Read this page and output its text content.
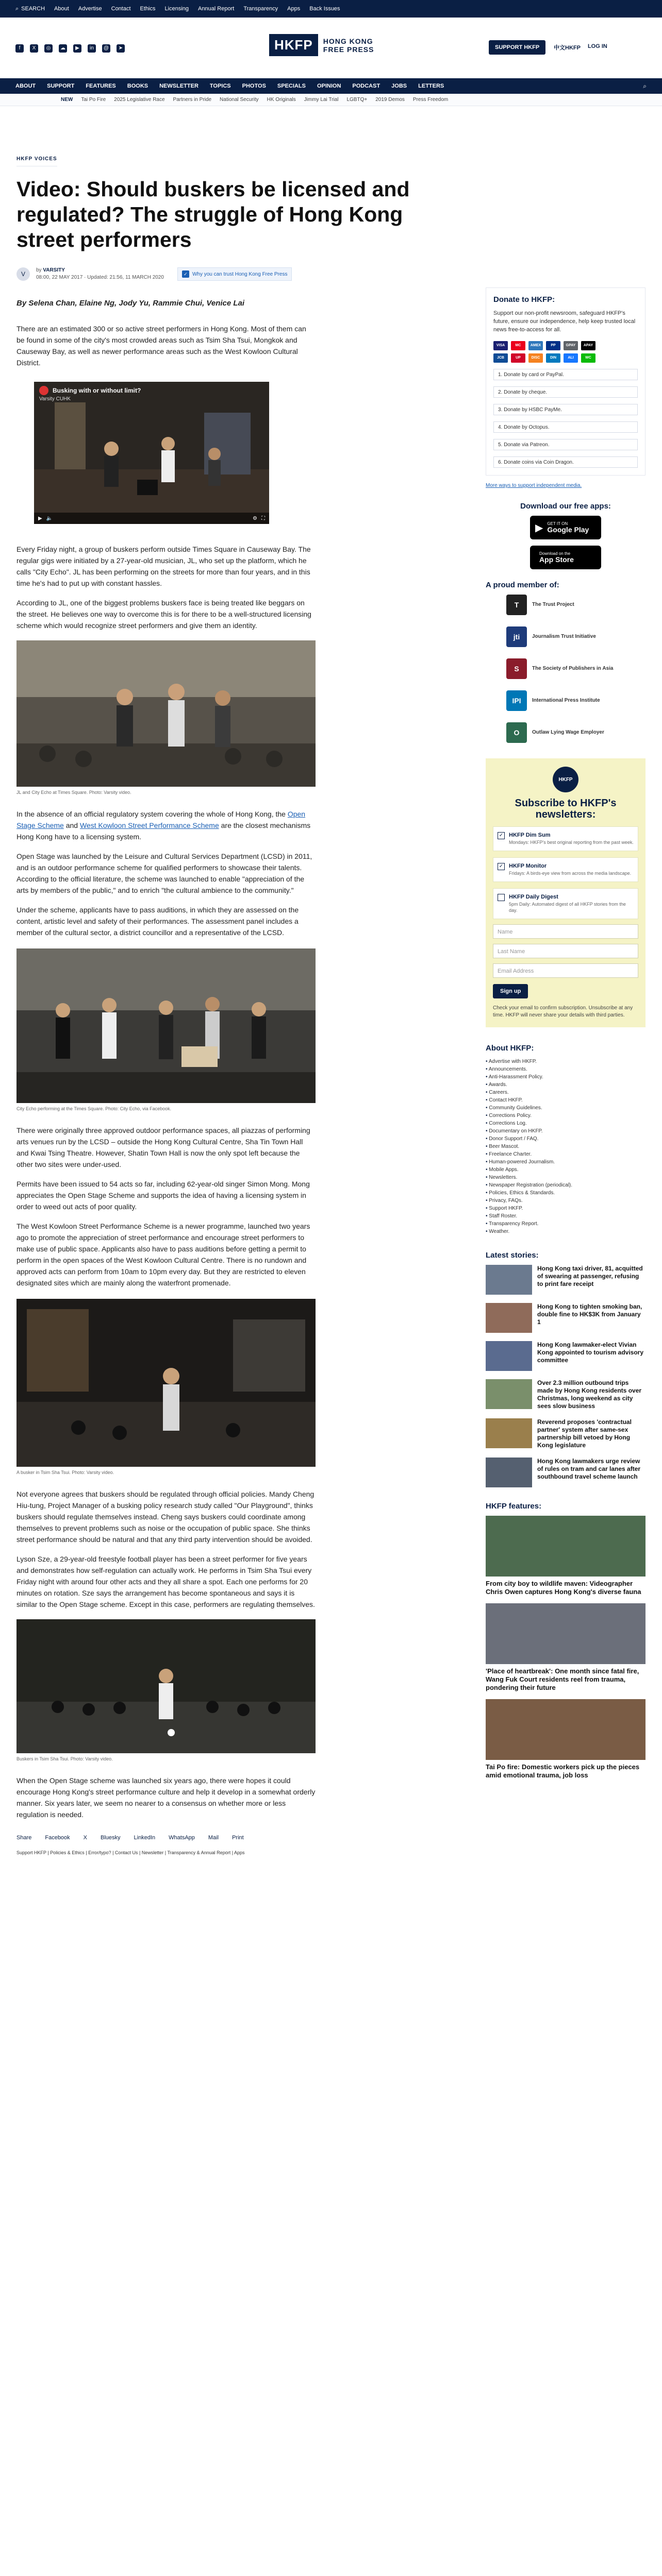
⌕ SEARCH About Advertise Contact Ethics Licensing Annual Report Transparency Apps Back Issues
f	X	◎	☁	▶	in	@	➤	HKFP	HONG KONG
FREE PRESS	SUPPORT HKFP	中文HKFP LOG IN
ABOUT SUPPORT FEATURES BOOKS NEWSLETTER TOPICS PHOTOS SPECIALS OPINION PODCAST JOBS LETTERS	⌕
NEW Tai Po Fire 2025 Legislative Race Partners in Pride National Security HK Originals Jimmy Lai Trial LGBTQ+ 2019 Demos Press Freedom
HKFP VOICES
Video: Should buskers be licensed and regulated? The struggle of Hong Kong street performers
V
by VARSITY
08:00, 22 MAY 2017 · Updated: 21:56, 11 MARCH 2020
✓ Why you can trust Hong Kong Free Press
By Selena Chan, Elaine Ng, Jody Yu, Rammie Chui, Venice Lai

There are an estimated 300 or so active street performers in Hong Kong. Most of them can be found in some of the city's most crowded areas such as Tsim Sha Tsui, Mongkok and Causeway Bay, as well as newer performance areas such as the West Kowloon Cultural District.

Busking with or without limit?
Varsity CUHK
▶ 🔈	⚙ ⛶

Every Friday night, a group of buskers perform outside Times Square in Causeway Bay. The regular gigs were initiated by a 27-year-old musician, JL, who set up the platform, which he calls "City Echo". JL has been performing on the streets for more than four years, and in this time he's had to put up with constant hassles.

According to JL, one of the biggest problems buskers face is being treated like beggars on the street. He believes one way to overcome this is for there to be a well-structured licensing scheme which would recognize street performers and give them an identity.

JL and City Echo at Times Square. Photo: Varsity video.

In the absence of an official regulatory system covering the whole of Hong Kong, the Open Stage Scheme and West Kowloon Street Performance Scheme are the closest mechanisms Hong Kong have to a licensing system.

Open Stage was launched by the Leisure and Cultural Services Department (LCSD) in 2011, and is an outdoor performance scheme for qualified performers to showcase their talents. According to the official literature, the scheme was launched to enable "appreciation of the arts by members of the public," and to enrich "the cultural ambience to the community."

Under the scheme, applicants have to pass auditions, in which they are assessed on the content, artistic level and safety of their performances. The assessment panel includes a member of the cultural sector, a district councillor and a representative of the LCSD.

City Echo performing at the Times Square. Photo: City Echo, via Facebook.

There were originally three approved outdoor performance spaces, all piazzas of performing arts venues run by the LCSD – outside the Hong Kong Cultural Centre, Sha Tin Town Hall and Kwai Tsing Theatre. However, Shatin Town Hall is now the only spot left because the other two sites were under-used.

Permits have been issued to 54 acts so far, including 62-year-old singer Simon Mong. Mong appreciates the Open Stage Scheme and supports the idea of having a licensing system in order to weed out acts of poor quality.

The West Kowloon Street Performance Scheme is a newer programme, launched two years ago to promote the appreciation of street performance and encourage street performers to make use of public space. Applicants also have to pass auditions before getting a permit to perform in the open spaces of the West Kowloon Cultural Centre. There is no rundown and approved acts can perform from 10am to 10pm every day. But they are restricted to eleven designated sites which are mainly along the waterfront promenade.

A busker in Tsim Sha Tsui. Photo: Varsity video.

Not everyone agrees that buskers should be regulated through official policies. Mandy Cheng Hiu-tung, Project Manager of a busking policy research study called "Our Playground", thinks buskers should regulate themselves instead. Cheng says buskers could coordinate among themselves to prevent problems such as noise or the occupation of public space. She thinks street performance should be natural and that any third party intervention should be avoided.

Lyson Sze, a 29-year-old freestyle football player has been a street performer for five years and demonstrates how self-regulation can actually work. He performs in Tsim Sha Tsui every Friday night with around four other acts and they all share a spot. Each one performs for 20 minutes on rotation. Sze says the arrangement has become spontaneous and says it is similar to the Open Stage scheme. Except in this case, performers are regulating themselves.

Buskers in Tsim Sha Tsui. Photo: Varsity video.

When the Open Stage scheme was launched six years ago, there were hopes it could encourage Hong Kong's street performance culture and help it develop in a somewhat orderly manner. Six years later, we seem no nearer to a consensus on whether more or less regulation is needed.

Share Facebook X Bluesky LinkedIn WhatsApp Mail Print
Support HKFP | Policies & Ethics | Error/typo? | Contact Us | Newsletter | Transparency & Annual Report | Apps
Donate to HKFP:
Support our non-profit newsroom, safeguard HKFP's future, ensure our independence, help keep trusted local news free-to-access for all.
VISA	MC	AMEX	PP	GPAY	APAY
JCB	UP	DISC	DIN	ALI	WC
1. Donate by card or PayPal.
2. Donate by cheque.
3. Donate by HSBC PayMe.
4. Donate by Octopus.
5. Donate via Patreon.
6. Donate coins via Coin Dragon.
More ways to support independent media.
Download our free apps:
▶ GET IT ON
Google Play
Download on the
App Store
A proud member of:
T	The Trust Project
jti	Journalism Trust Initiative
S	The Society of Publishers in Asia
IPI	International Press Institute
O	Outlaw Lying Wage Employer
HKFP
Subscribe to HKFP's newsletters:
✓ HKFP Dim Sum
Mondays: HKFP's best original reporting from the past week.
✓ HKFP Monitor
Fridays: A birds-eye view from across the media landscape.
HKFP Daily Digest
5pm Daily: Automated digest of all HKFP stories from the day.
Name
Last Name
Email Address
Sign up
Check your email to confirm subscription. Unsubscribe at any time. HKFP will never share your details with third parties.
About HKFP:
• Advertise with HKFP.
• Announcements.
• Anti-Harassment Policy.
• Awards.
• Careers.
• Contact HKFP.
• Community Guidelines.
• Corrections Policy.
• Corrections Log.
• Documentary on HKFP.
• Donor Support / FAQ.
• Beer Mascot.
• Freelance Charter.
• Human-powered Journalism.
• Mobile Apps.
• Newsletters.
• Newspaper Registration (periodical).
• Policies, Ethics & Standards.
• Privacy, FAQs.
• Support HKFP.
• Staff Roster.
• Transparency Report.
• Weather.
Latest stories:
Hong Kong taxi driver, 81, acquitted of swearing at passenger, refusing to print fare receipt
Hong Kong to tighten smoking ban, double fine to HK$3K from January 1
Hong Kong lawmaker-elect Vivian Kong appointed to tourism advisory committee
Over 2.3 million outbound trips made by Hong Kong residents over Christmas, long weekend as city sees slow business
Reverend proposes 'contractual partner' system after same-sex partnership bill vetoed by Hong Kong legislature
Hong Kong lawmakers urge review of rules on tram and car lanes after southbound travel scheme launch
HKFP features:
From city boy to wildlife maven: Videographer Chris Owen captures Hong Kong's diverse fauna
'Place of heartbreak': One month since fatal fire, Wang Fuk Court residents reel from trauma, pondering their future
Tai Po fire: Domestic workers pick up the pieces amid emotional trauma, job loss
